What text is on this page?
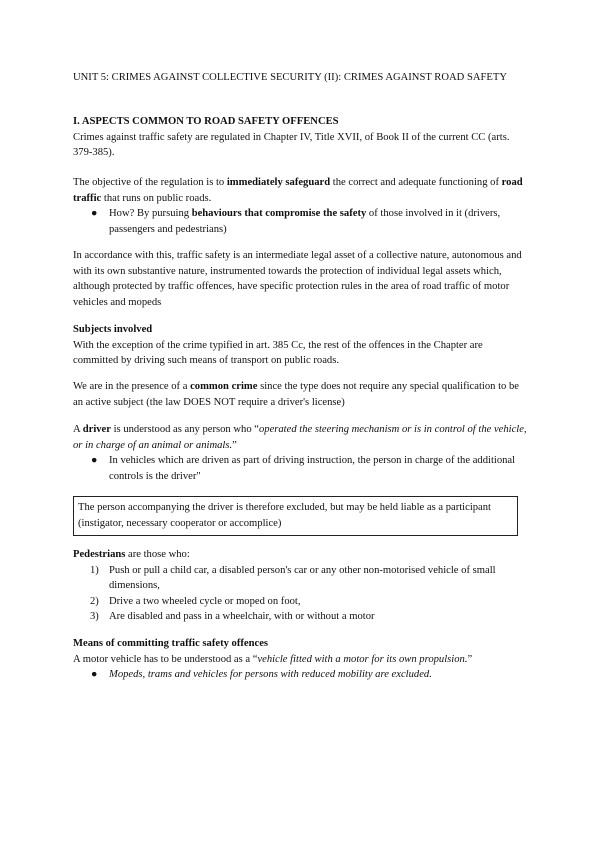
UNIT 5: CRIMES AGAINST COLLECTIVE SECURITY (II): CRIMES AGAINST ROAD SAFETY
I. ASPECTS COMMON TO ROAD SAFETY OFFENCES
Crimes against traffic safety are regulated in Chapter IV, Title XVII, of Book II of the current CC (arts. 379-385).
The objective of the regulation is to immediately safeguard the correct and adequate functioning of road traffic that runs on public roads.
● How? By pursuing behaviours that compromise the safety of those involved in it (drivers, passengers and pedestrians)
In accordance with this, traffic safety is an intermediate legal asset of a collective nature, autonomous and with its own substantive nature, instrumented towards the protection of individual legal assets which, although protected by traffic offences, have specific protection rules in the area of road traffic of motor vehicles and mopeds
Subjects involved
With the exception of the crime typified in art. 385 Cc, the rest of the offences in the Chapter are committed by driving such means of transport on public roads.
We are in the presence of a common crime since the type does not require any special qualification to be an active subject (the law DOES NOT require a driver's license)
A driver is understood as any person who “operated the steering mechanism or is in control of the vehicle, or in charge of an animal or animals.”
● In vehicles which are driven as part of driving instruction, the person in charge of the additional controls is the driver"
The person accompanying the driver is therefore excluded, but may be held liable as a participant (instigator, necessary cooperator or accomplice)
Pedestrians are those who:
1) Push or pull a child car, a disabled person's car or any other non-motorised vehicle of small dimensions,
2) Drive a two wheeled cycle or moped on foot,
3) Are disabled and pass in a wheelchair, with or without a motor
Means of committing traffic safety offences
A motor vehicle has to be understood as a “vehicle fitted with a motor for its own propulsion.”
● Mopeds, trams and vehicles for persons with reduced mobility are excluded.
